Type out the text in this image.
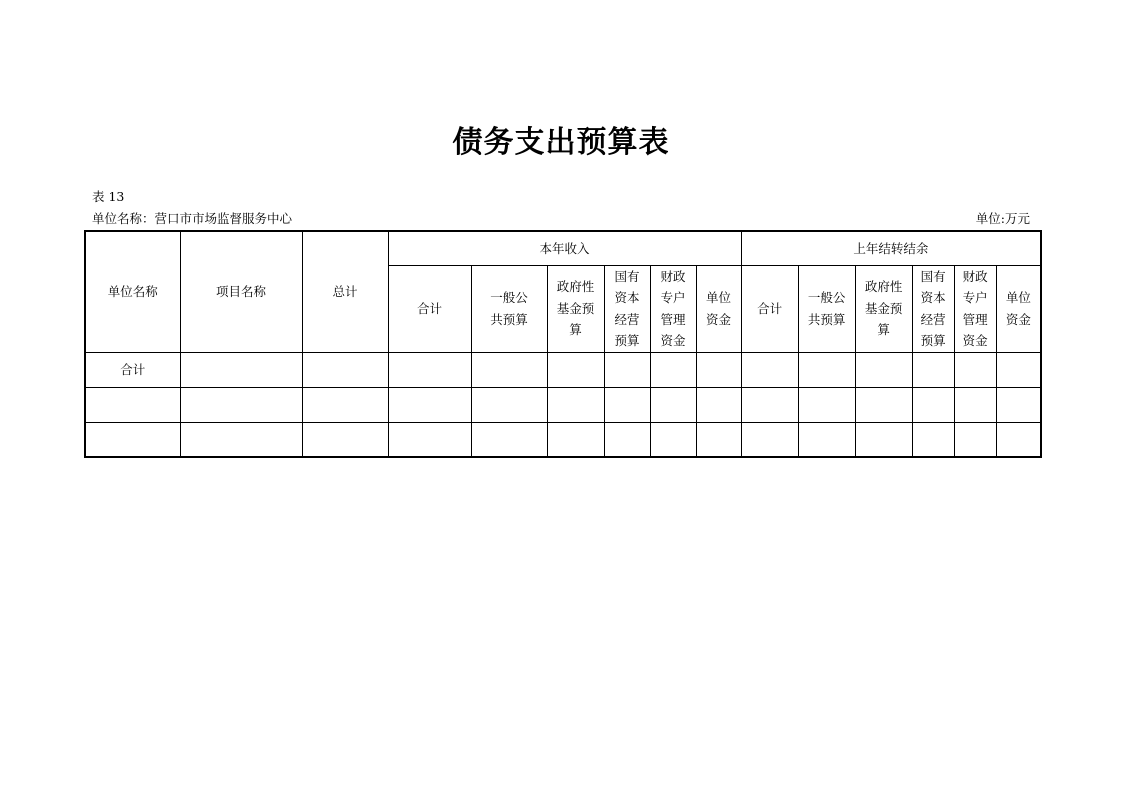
债务支出预算表
表 13
单位名称：营口市市场监督服务中心	单位:万元
单位名称	项目名称	总计	本年收入						上年结转结余					
			合计	一般公共预算	政府性基金预算	国有资本经营预算	财政专户管理资金	单位资金	合计	一般公共预算	政府性基金预算	国有资本经营预算	财政专户管理资金	单位资金
合计														
